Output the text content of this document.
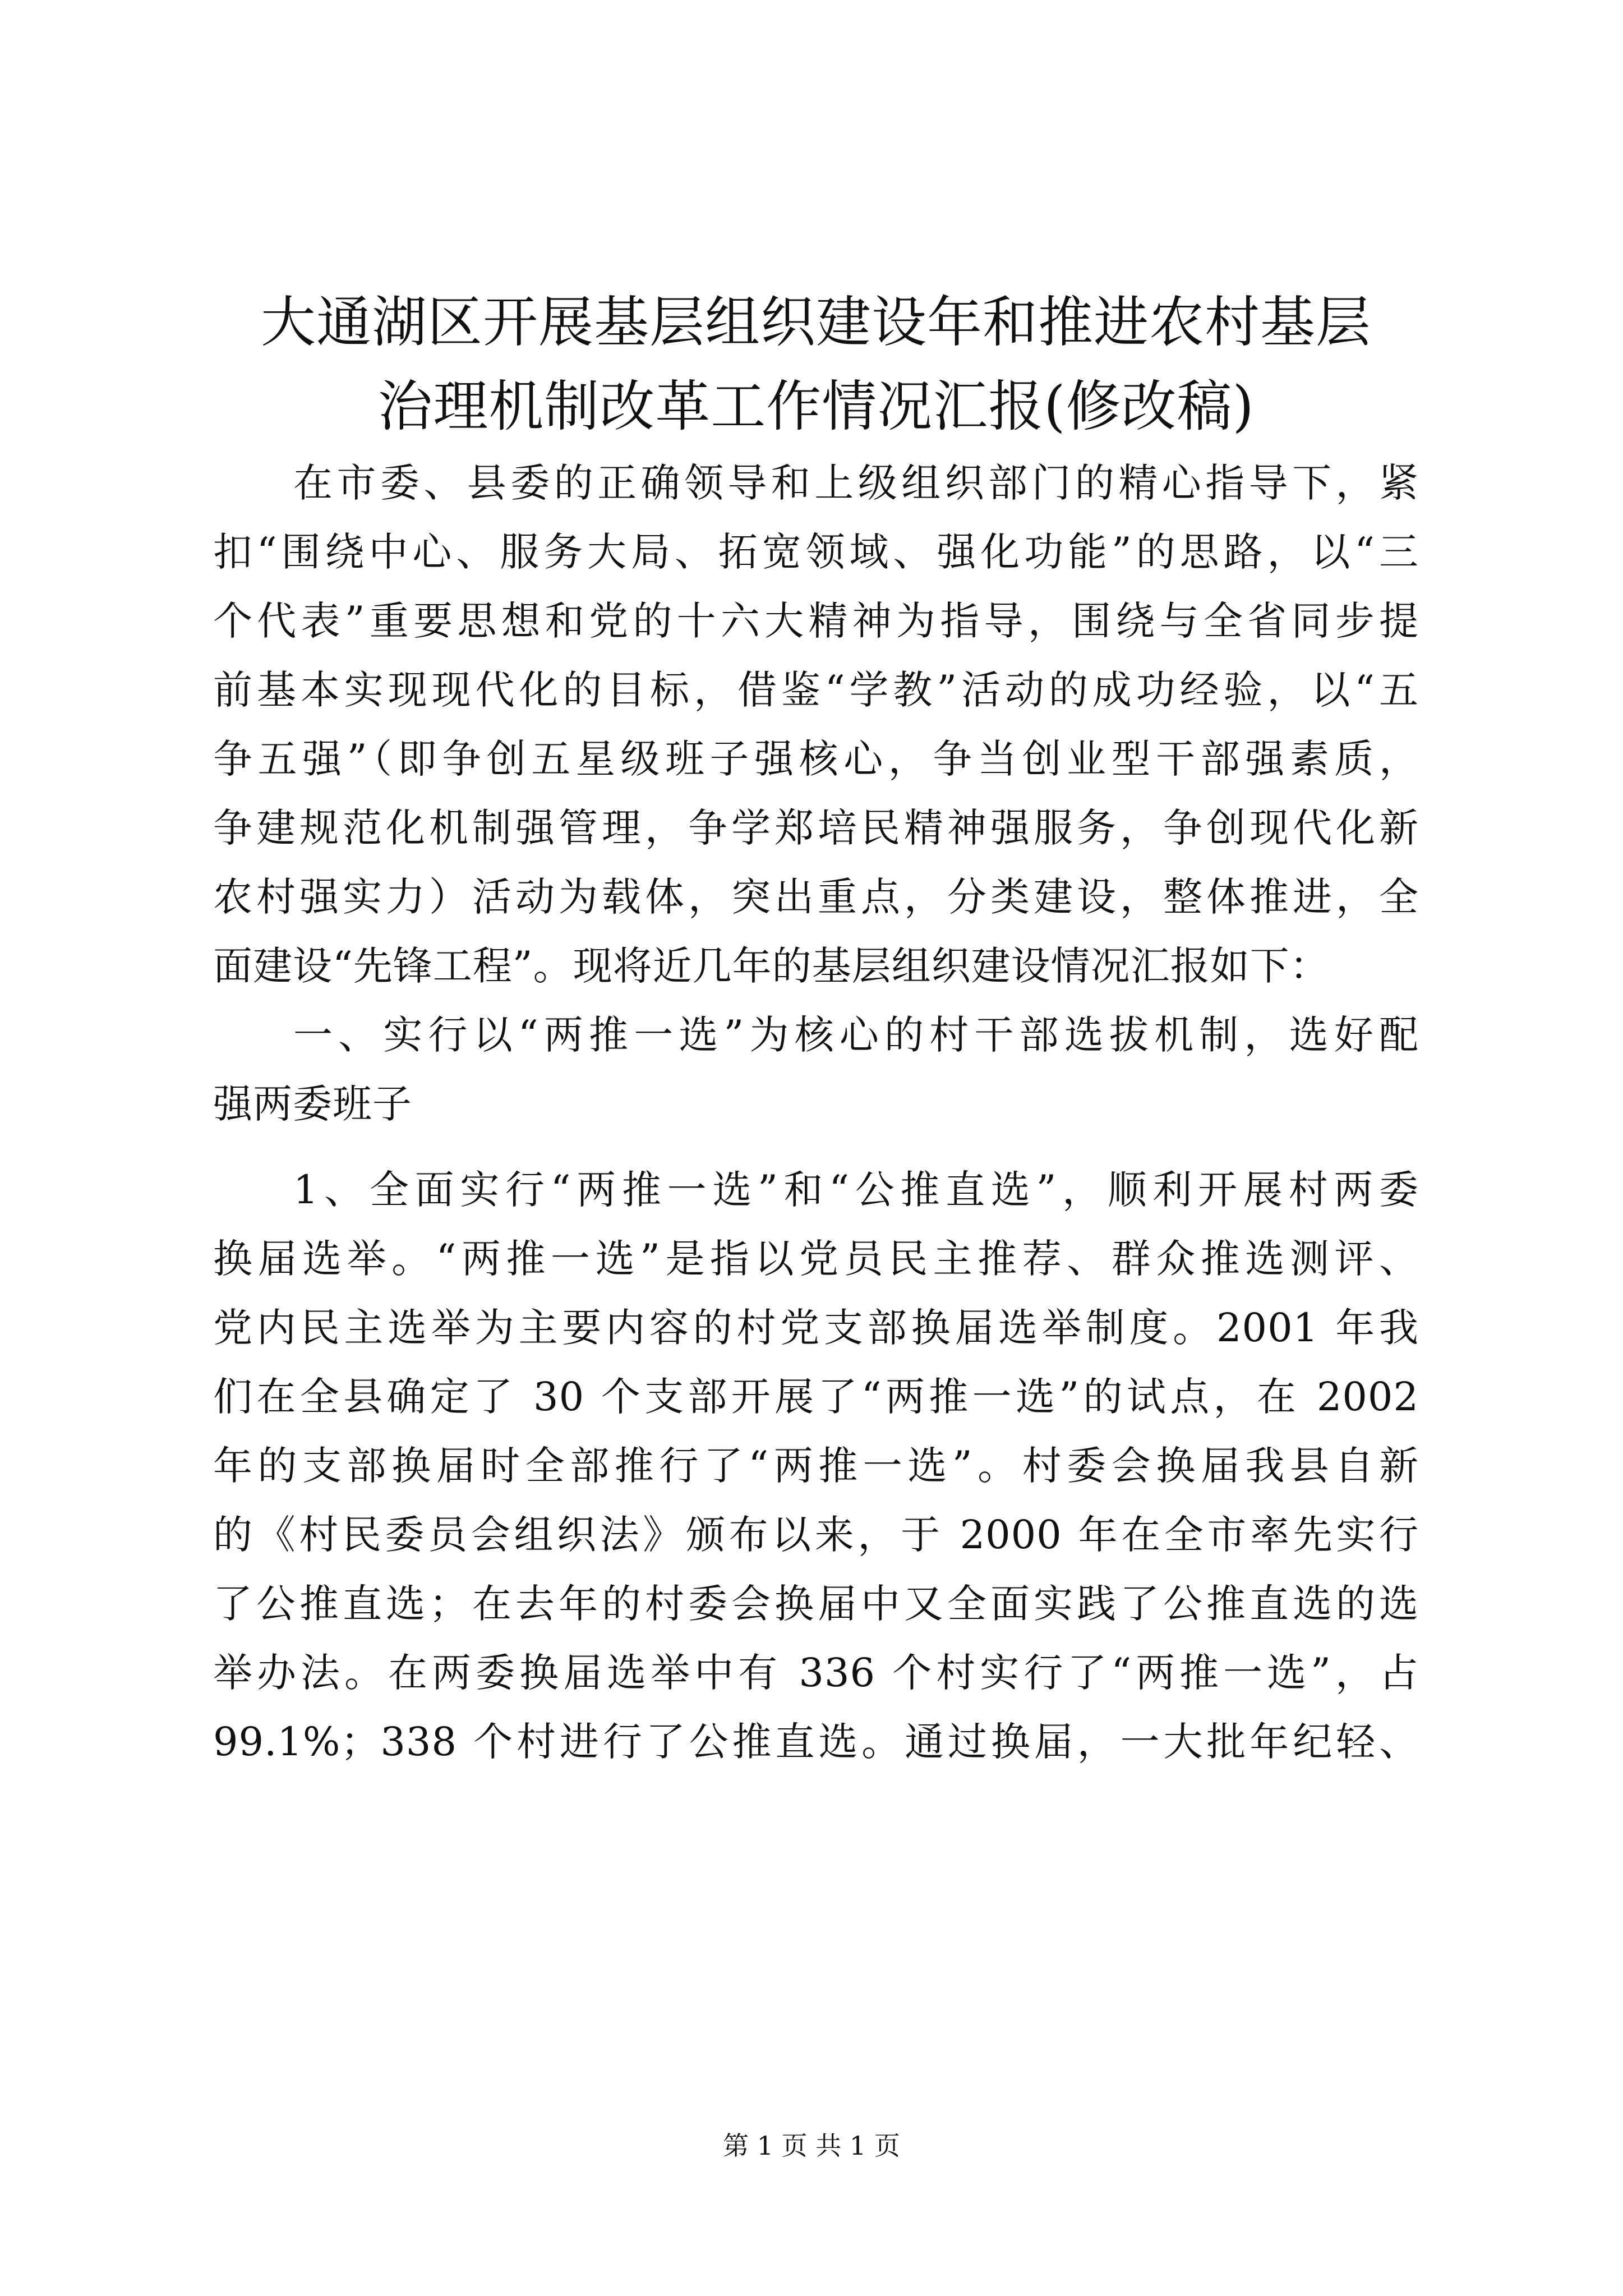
大通湖区开展基层组织建设年和推进农村基层
治理机制改革工作情况汇报(修改稿)
在市委、县委的正确领导和上级组织部门的精心指导下，紧
扣“围绕中心、服务大局、拓宽领域、强化功能”的思路，以“三
个代表”重要思想和党的十六大精神为指导，围绕与全省同步提
前基本实现现代化的目标，借鉴“学教”活动的成功经验，以“五
争五强”（即争创五星级班子强核心，争当创业型干部强素质，
争建规范化机制强管理，争学郑培民精神强服务，争创现代化新
农村强实力）活动为载体，突出重点，分类建设，整体推进，全
面建设“先锋工程”。现将近几年的基层组织建设情况汇报如下：
一、实行以“两推一选”为核心的村干部选拔机制，选好配
强两委班子
1、全面实行“两推一选”和“公推直选”，顺利开展村两委
换届选举。“两推一选”是指以党员民主推荐、群众推选测评、
党内民主选举为主要内容的村党支部换届选举制度。2001 年我
们在全县确定了 30 个支部开展了“两推一选”的试点，在 2002
年的支部换届时全部推行了“两推一选”。村委会换届我县自新
的《村民委员会组织法》颁布以来，于 2000 年在全市率先实行
了公推直选；在去年的村委会换届中又全面实践了公推直选的选
举办法。在两委换届选举中有 336 个村实行了“两推一选”，占
99.1%；338 个村进行了公推直选。通过换届，一大批年纪轻、
第 1 页 共 1 页
